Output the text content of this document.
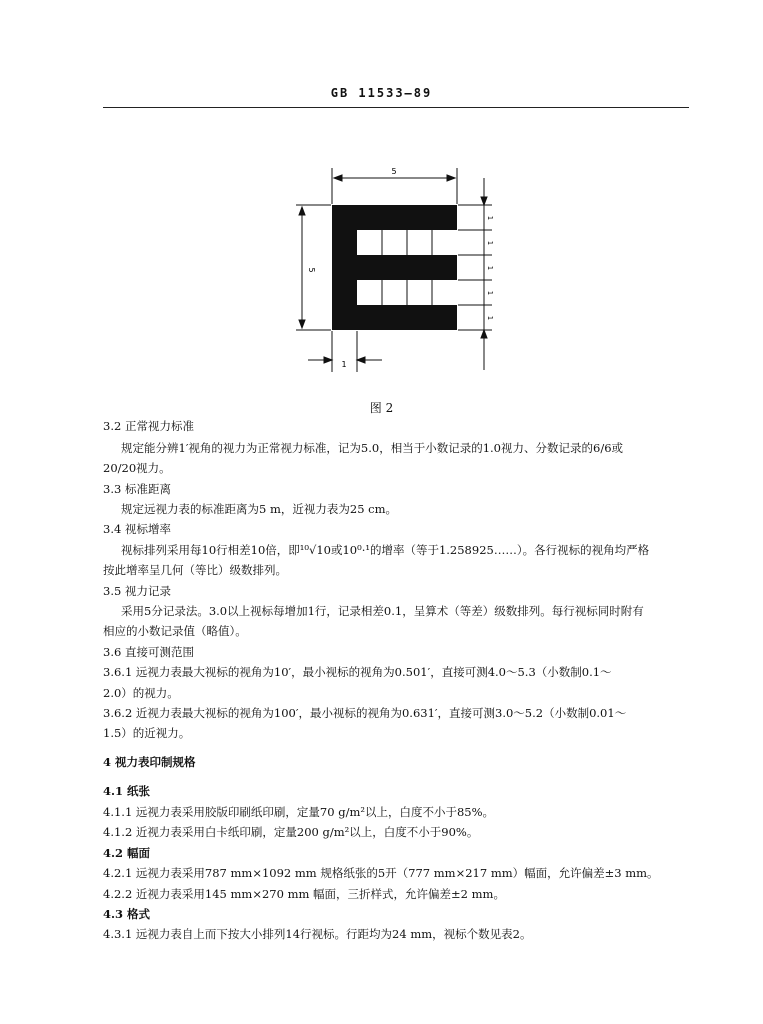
GB 11533—89
5
5
1
1
1
1
1
1
图 2
3.2 正常视力标准
规定能分辨1′视角的视力为正常视力标准，记为5.0，相当于小数记录的1.0视力、分数记录的6/6或
20/20视力。
3.3 标准距离
规定远视力表的标准距离为5 m，近视力表为25 cm。
3.4 视标增率
视标排列采用每10行相差10倍，即¹⁰√10或10⁰·¹的增率（等于1.258925……）。各行视标的视角均严格
按此增率呈几何（等比）级数排列。
3.5 视力记录
采用5分记录法。3.0以上视标每增加1行，记录相差0.1，呈算术（等差）级数排列。每行视标同时附有
相应的小数记录值（略值）。
3.6 直接可测范围
3.6.1 远视力表最大视标的视角为10′，最小视标的视角为0.501′，直接可测4.0～5.3（小数制0.1～
2.0）的视力。
3.6.2 近视力表最大视标的视角为100′，最小视标的视角为0.631′，直接可测3.0～5.2（小数制0.01～
1.5）的近视力。
4 视力表印制规格
4.1 纸张
4.1.1 远视力表采用胶版印刷纸印刷，定量70 g/m²以上，白度不小于85%。
4.1.2 近视力表采用白卡纸印刷，定量200 g/m²以上，白度不小于90%。
4.2 幅面
4.2.1 远视力表采用787 mm×1092 mm 规格纸张的5开（777 mm×217 mm）幅面，允许偏差±3 mm。
4.2.2 近视力表采用145 mm×270 mm 幅面，三折样式，允许偏差±2 mm。
4.3 格式
4.3.1 远视力表自上而下按大小排列14行视标。行距均为24 mm，视标个数见表2。
